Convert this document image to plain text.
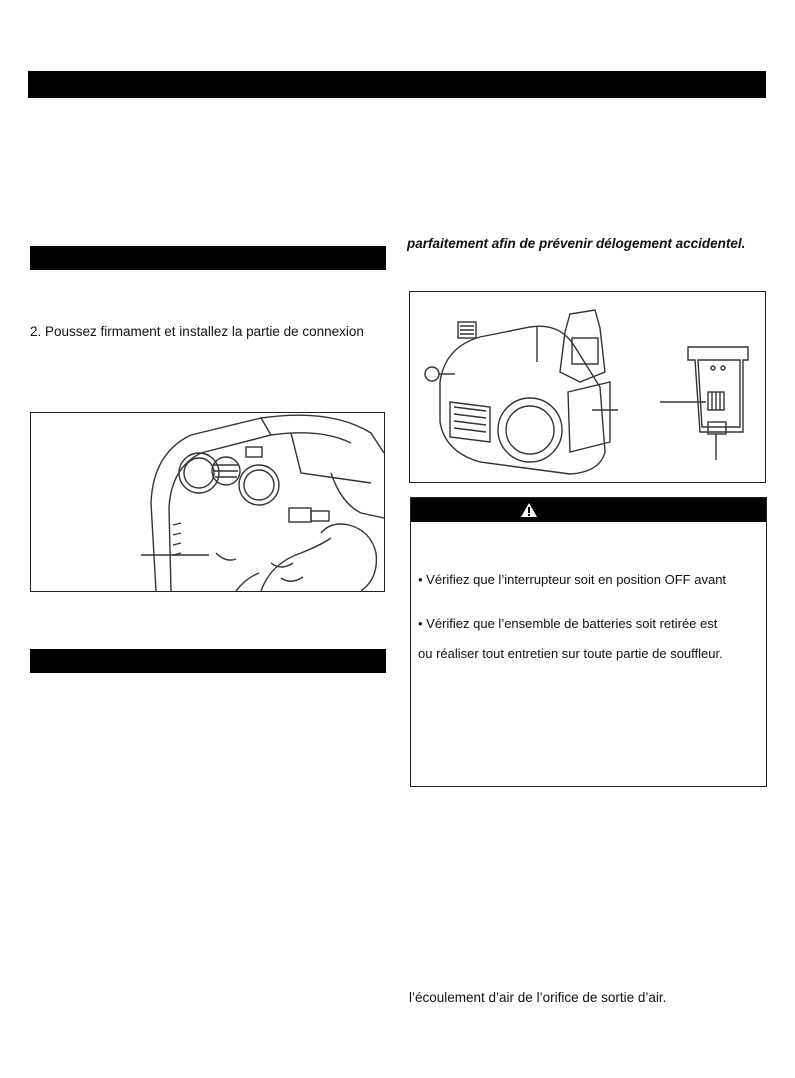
parfaitement afin de prévenir délogement accidentel.
2. Poussez firmament et installez la partie de connexion
• Vérifiez que l’interrupteur soit en position OFF avant
• Vérifiez que l’ensemble de batteries soit retirée est
ou réaliser tout entretien sur toute partie de souffleur.
l’écoulement d’air de l’orifice de sortie d’air.
